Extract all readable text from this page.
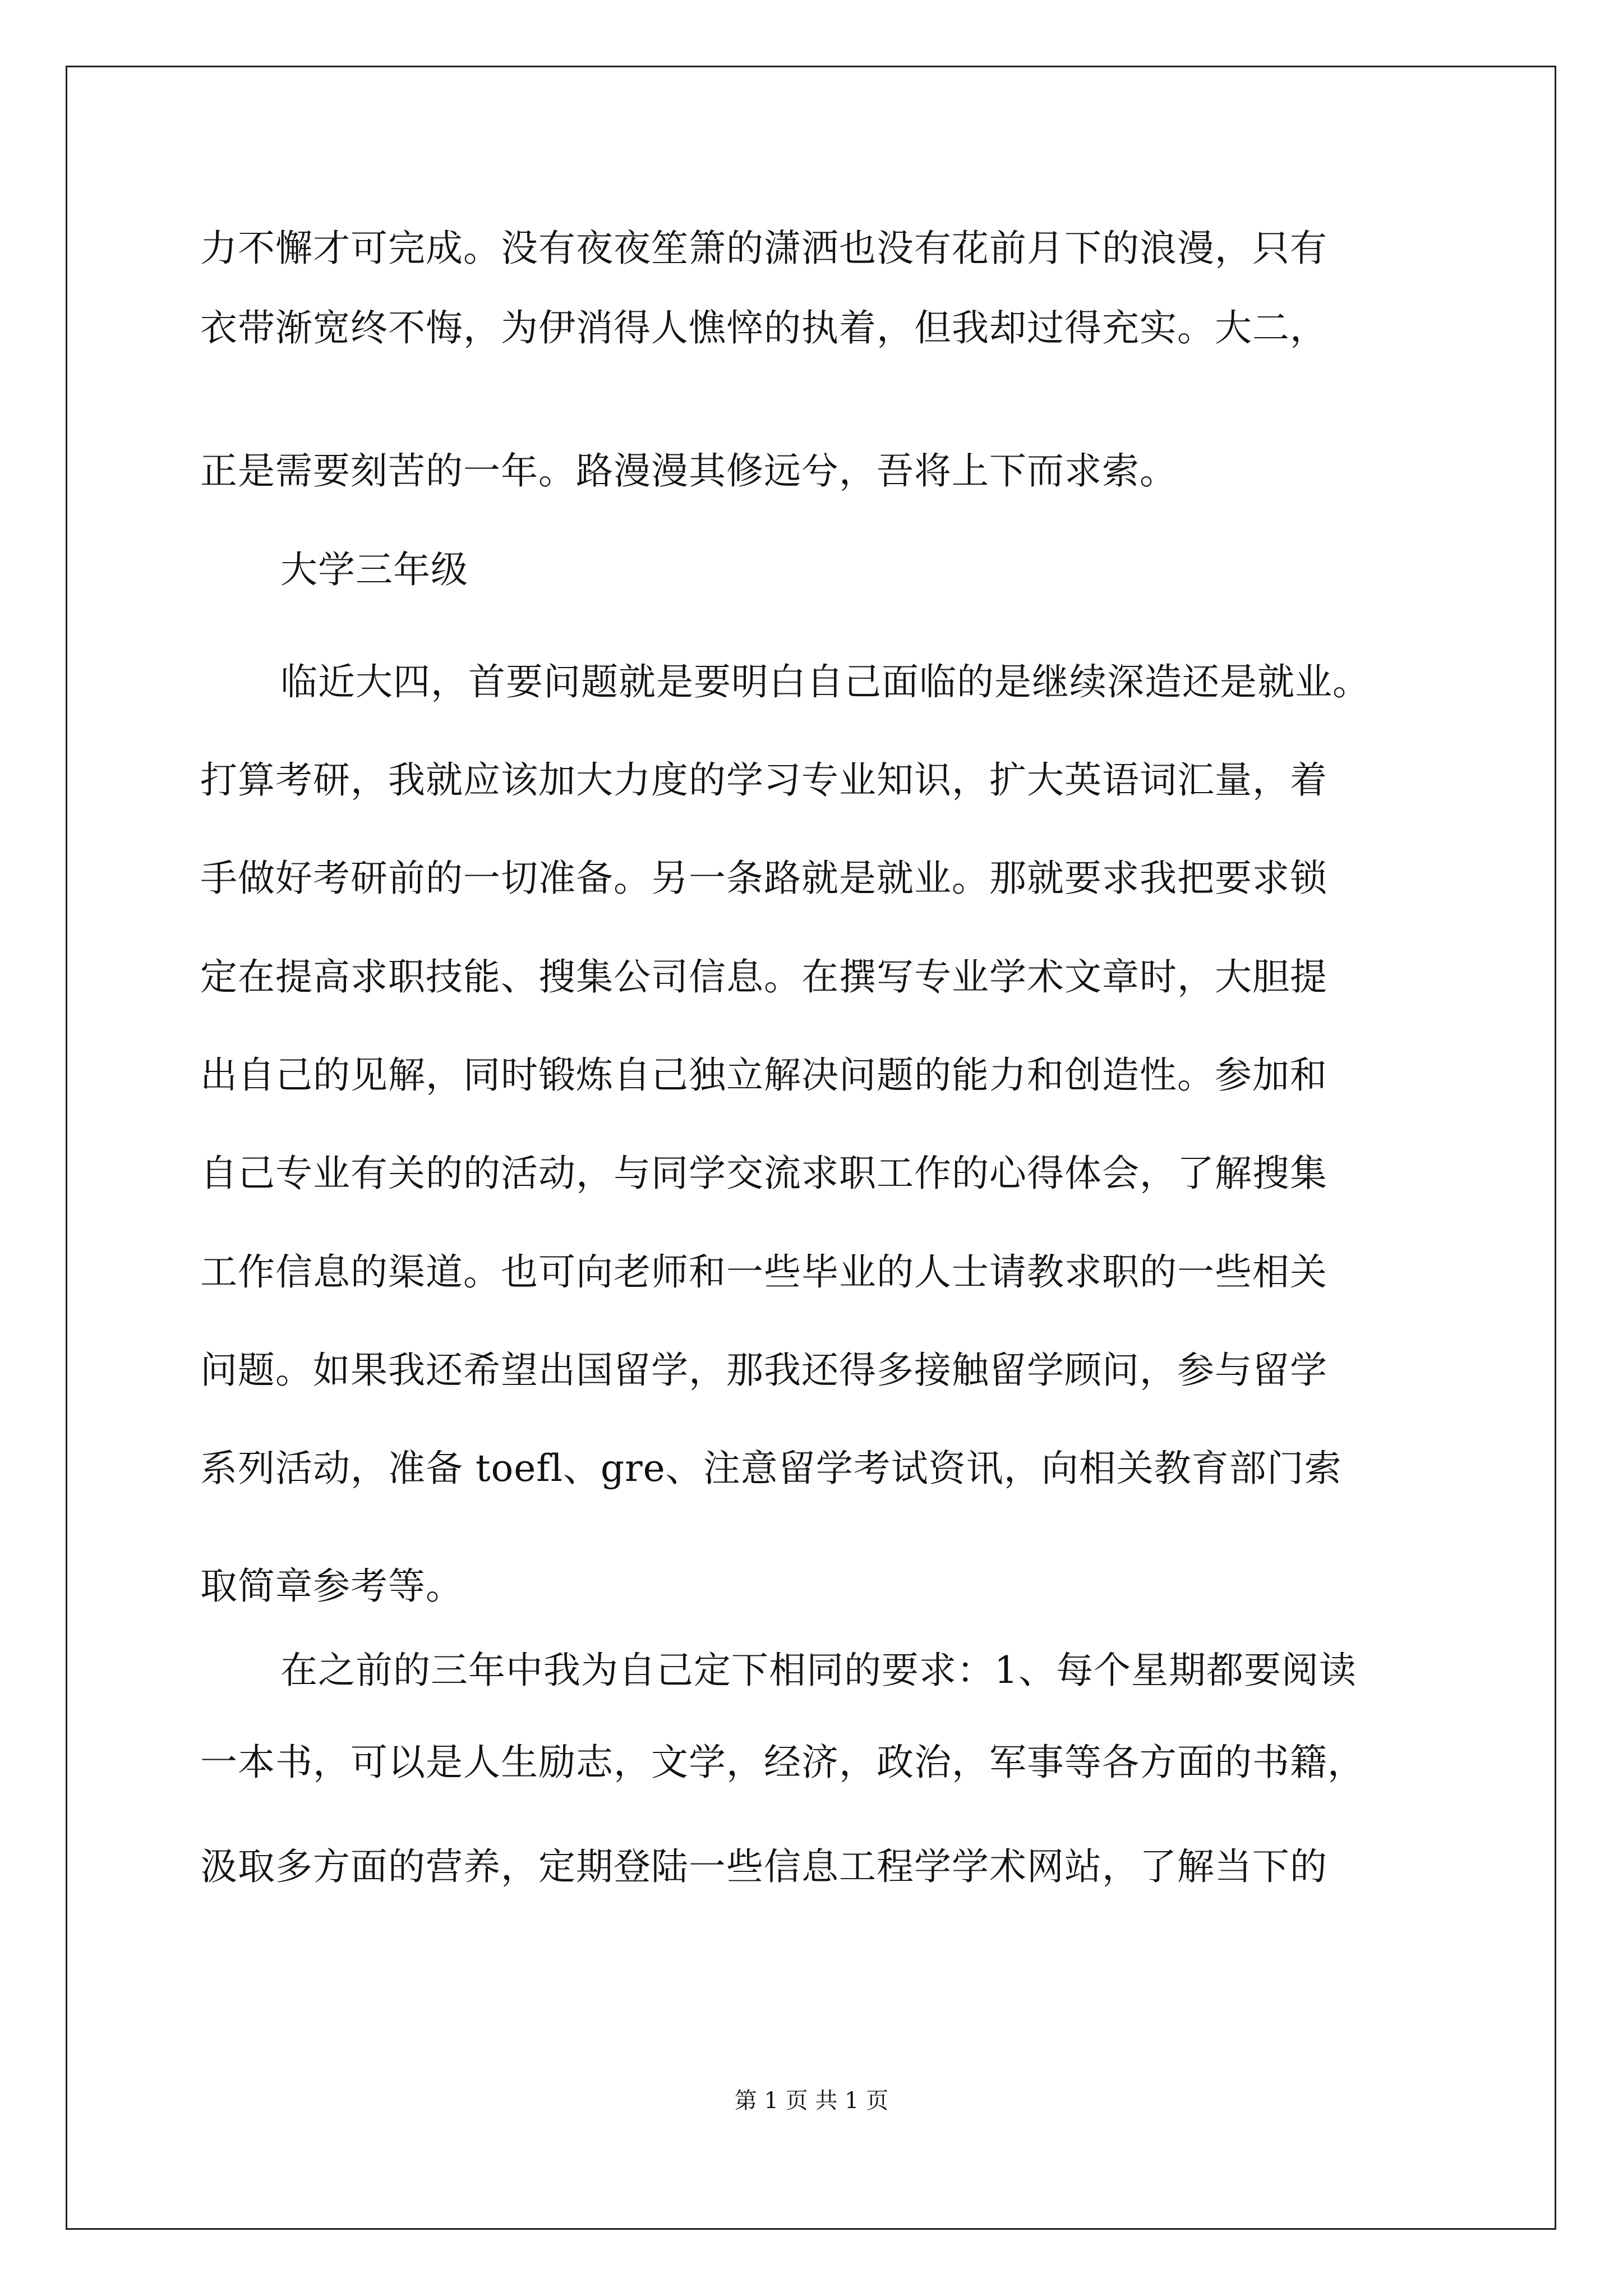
力不懈才可完成。没有夜夜笙箫的潇洒也没有花前月下的浪漫，只有
衣带渐宽终不悔，为伊消得人憔悴的执着，但我却过得充实。大二，
正是需要刻苦的一年。路漫漫其修远兮，吾将上下而求索。
大学三年级
临近大四，首要问题就是要明白自己面临的是继续深造还是就业。
打算考研，我就应该加大力度的学习专业知识，扩大英语词汇量，着
手做好考研前的一切准备。另一条路就是就业。那就要求我把要求锁
定在提高求职技能、搜集公司信息。在撰写专业学术文章时，大胆提
出自己的见解，同时锻炼自己独立解决问题的能力和创造性。参加和
自己专业有关的的活动，与同学交流求职工作的心得体会，了解搜集
工作信息的渠道。也可向老师和一些毕业的人士请教求职的一些相关
问题。如果我还希望出国留学，那我还得多接触留学顾问，参与留学
系列活动，准备 toefl、gre、注意留学考试资讯，向相关教育部门索
取简章参考等。
在之前的三年中我为自己定下相同的要求：1、每个星期都要阅读
一本书，可以是人生励志，文学，经济，政治，军事等各方面的书籍，
汲取多方面的营养，定期登陆一些信息工程学学术网站，了解当下的
第 1 页 共 1 页
